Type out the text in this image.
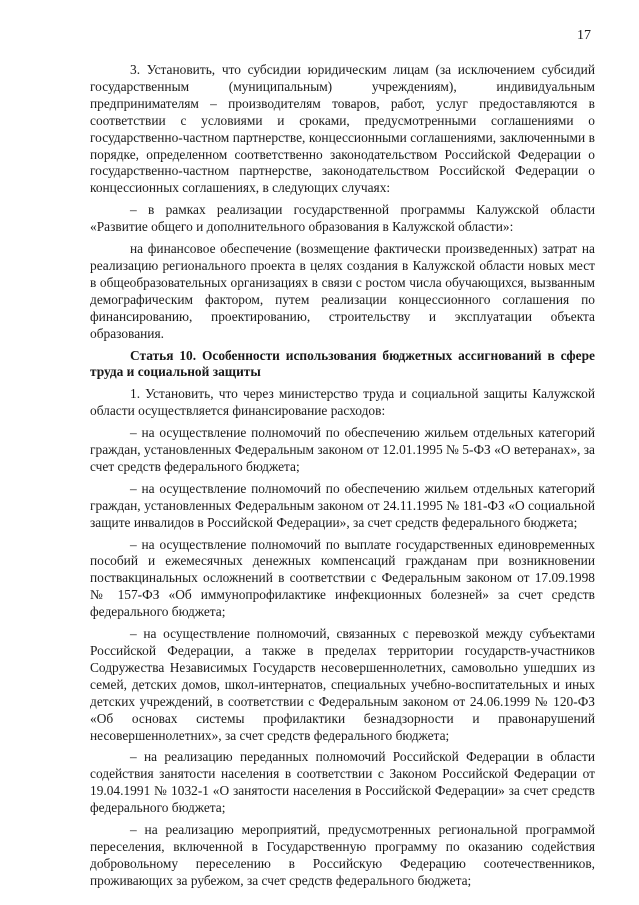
17

3. Установить, что субсидии юридическим лицам (за исключением субсидий государственным (муниципальным) учреждениям), индивидуальным предпринимателям – производителям товаров, работ, услуг предоставляются в соответствии с условиями и сроками, предусмотренными соглашениями о государственно-частном партнерстве, концессионными соглашениями, заключенными в порядке, определенном соответственно законодательством Российской Федерации о государственно-частном партнерстве, законодательством Российской Федерации о концессионных соглашениях, в следующих случаях:

– в рамках реализации государственной программы Калужской области «Развитие общего и дополнительного образования в Калужской области»:

на финансовое обеспечение (возмещение фактически произведенных) затрат на реализацию регионального проекта в целях создания в Калужской области новых мест в общеобразовательных организациях в связи с ростом числа обучающихся, вызванным демографическим фактором, путем реализации концессионного соглашения по финансированию, проектированию, строительству и эксплуатации объекта образования.

Статья 10. Особенности использования бюджетных ассигнований в сфере труда и социальной защиты

1. Установить, что через министерство труда и социальной защиты Калужской области осуществляется финансирование расходов:

– на осуществление полномочий по обеспечению жильем отдельных категорий граждан, установленных Федеральным законом от 12.01.1995 № 5-ФЗ «О ветеранах», за счет средств федерального бюджета;

– на осуществление полномочий по обеспечению жильем отдельных категорий граждан, установленных Федеральным законом от 24.11.1995 № 181-ФЗ «О социальной защите инвалидов в Российской Федерации», за счет средств федерального бюджета;

– на осуществление полномочий по выплате государственных единовременных пособий и ежемесячных денежных компенсаций гражданам при возникновении поствакцинальных осложнений в соответствии с Федеральным законом от 17.09.1998 № 157-ФЗ «Об иммунопрофилактике инфекционных болезней» за счет средств федерального бюджета;

– на осуществление полномочий, связанных с перевозкой между субъектами Российской Федерации, а также в пределах территории государств-участников Содружества Независимых Государств несовершеннолетних, самовольно ушедших из семей, детских домов, школ-интернатов, специальных учебно-воспитательных и иных детских учреждений, в соответствии с Федеральным законом от 24.06.1999 № 120-ФЗ «Об основах системы профилактики безнадзорности и правонарушений несовершеннолетних», за счет средств федерального бюджета;

– на реализацию переданных полномочий Российской Федерации в области содействия занятости населения в соответствии с Законом Российской Федерации от 19.04.1991 № 1032-1 «О занятости населения в Российской Федерации» за счет средств федерального бюджета;

– на реализацию мероприятий, предусмотренных региональной программой переселения, включенной в Государственную программу по оказанию содействия добровольному переселению в Российскую Федерацию соотечественников, проживающих за рубежом, за счет средств федерального бюджета;
